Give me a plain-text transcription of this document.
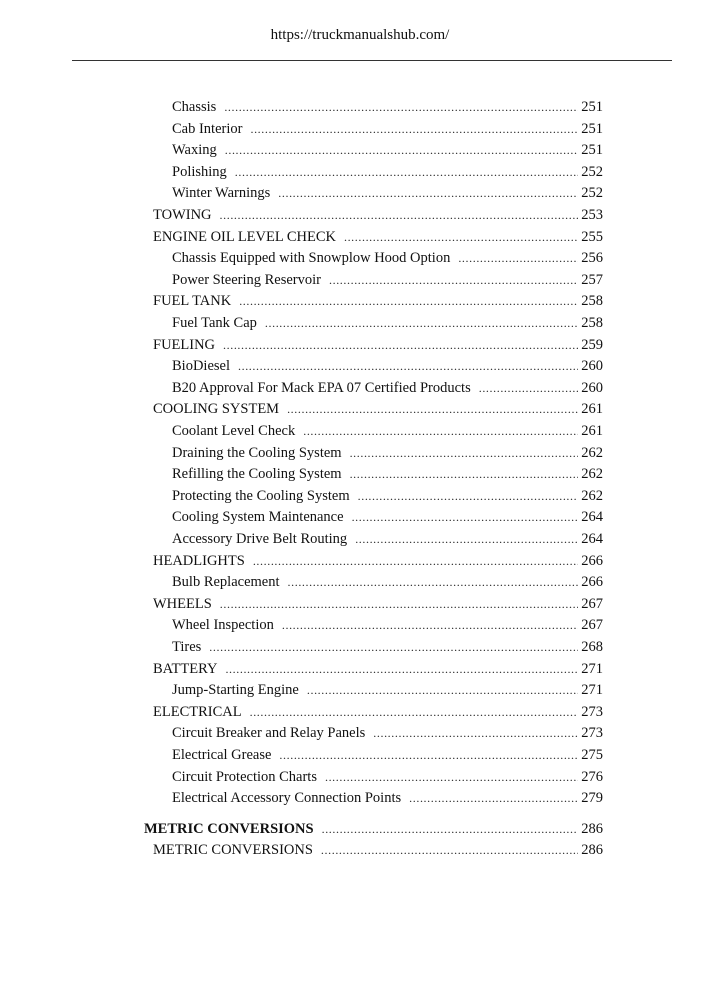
https://truckmanualshub.com/
Chassis .....	251
Cab Interior .....	251
Waxing .....	251
Polishing .....	252
Winter Warnings .....	252
TOWING .....	253
ENGINE OIL LEVEL CHECK .....	255
Chassis Equipped with Snowplow Hood Option .....	256
Power Steering Reservoir .....	257
FUEL TANK .....	258
Fuel Tank Cap .....	258
FUELING .....	259
BioDiesel .....	260
B20 Approval For Mack EPA 07 Certified Products .....	260
COOLING SYSTEM .....	261
Coolant Level Check .....	261
Draining the Cooling System .....	262
Refilling the Cooling System .....	262
Protecting the Cooling System .....	262
Cooling System Maintenance .....	264
Accessory Drive Belt Routing .....	264
HEADLIGHTS .....	266
Bulb Replacement .....	266
WHEELS .....	267
Wheel Inspection .....	267
Tires .....	268
BATTERY .....	271
Jump-Starting Engine .....	271
ELECTRICAL .....	273
Circuit Breaker and Relay Panels .....	273
Electrical Grease .....	275
Circuit Protection Charts .....	276
Electrical Accessory Connection Points .....	279
METRIC CONVERSIONS .....	286
METRIC CONVERSIONS .....	286
